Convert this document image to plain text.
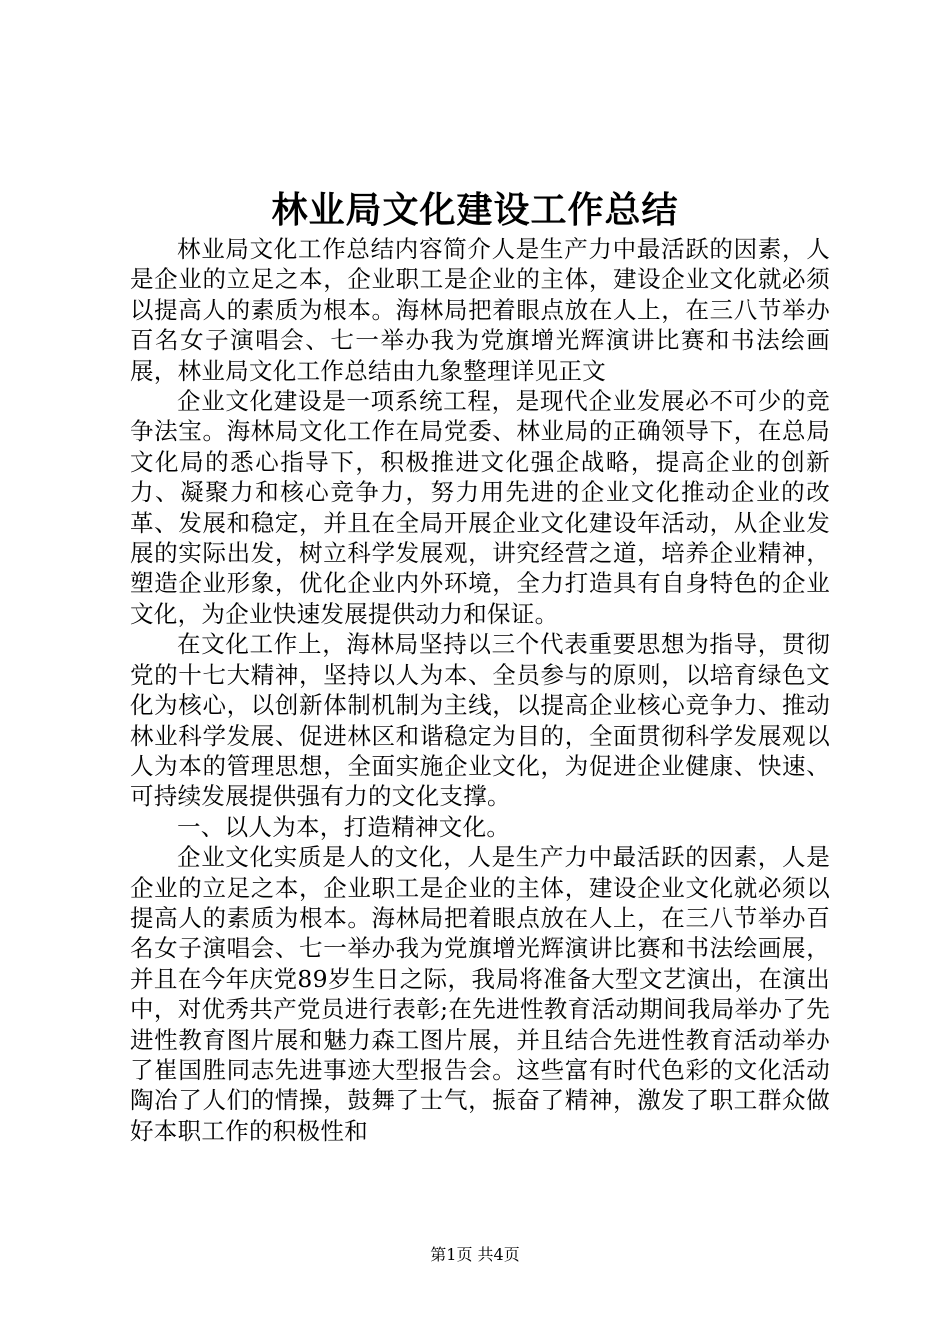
林业局文化建设工作总结

林业局文化工作总结内容简介人是生产力中最活跃的因素，人是企业的立足之本，企业职工是企业的主体，建设企业文化就必须以提高人的素质为根本。海林局把着眼点放在人上，在三八节举办百名女子演唱会、七一举办我为党旗增光辉演讲比赛和书法绘画展，林业局文化工作总结由九象整理详见正文

企业文化建设是一项系统工程，是现代企业发展必不可少的竞争法宝。海林局文化工作在局党委、林业局的正确领导下，在总局文化局的悉心指导下，积极推进文化强企战略，提高企业的创新力、凝聚力和核心竞争力，努力用先进的企业文化推动企业的改革、发展和稳定，并且在全局开展企业文化建设年活动，从企业发展的实际出发，树立科学发展观，讲究经营之道，培养企业精神，塑造企业形象，优化企业内外环境，全力打造具有自身特色的企业文化，为企业快速发展提供动力和保证。

在文化工作上，海林局坚持以三个代表重要思想为指导，贯彻党的十七大精神，坚持以人为本、全员参与的原则，以培育绿色文化为核心，以创新体制机制为主线，以提高企业核心竞争力、推动林业科学发展、促进林区和谐稳定为目的，全面贯彻科学发展观以人为本的管理思想，全面实施企业文化，为促进企业健康、快速、可持续发展提供强有力的文化支撑。

一、以人为本，打造精神文化。

企业文化实质是人的文化，人是生产力中最活跃的因素，人是企业的立足之本，企业职工是企业的主体，建设企业文化就必须以提高人的素质为根本。海林局把着眼点放在人上，在三八节举办百名女子演唱会、七一举办我为党旗增光辉演讲比赛和书法绘画展，并且在今年庆党89岁生日之际，我局将准备大型文艺演出，在演出中，对优秀共产党员进行表彰;在先进性教育活动期间我局举办了先进性教育图片展和魅力森工图片展，并且结合先进性教育活动举办了崔国胜同志先进事迹大型报告会。这些富有时代色彩的文化活动陶冶了人们的情操，鼓舞了士气，振奋了精神，激发了职工群众做好本职工作的积极性和

第1页 共4页
